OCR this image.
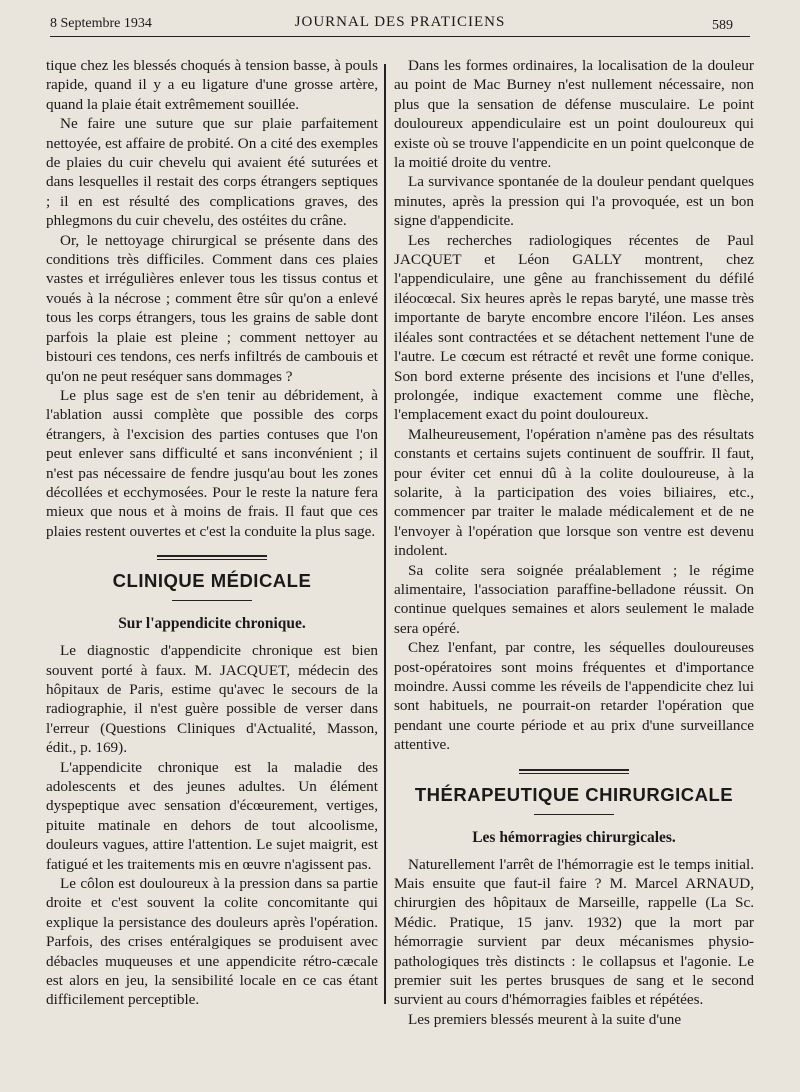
8 Septembre 1934	JOURNAL DES PRATICIENS	589

tique chez les blessés choqués à tension basse, à pouls rapide, quand il y a eu ligature d'une grosse artère, quand la plaie était extrêmement souillée.

Ne faire une suture que sur plaie parfaitement nettoyée, est affaire de probité. On a cité des exemples de plaies du cuir chevelu qui avaient été suturées et dans lesquelles il restait des corps étrangers septiques ; il en est résulté des complications graves, des phlegmons du cuir chevelu, des ostéites du crâne.

Or, le nettoyage chirurgical se présente dans des conditions très difficiles. Comment dans ces plaies vastes et irrégulières enlever tous les tissus contus et voués à la nécrose ; comment être sûr qu'on a enlevé tous les corps étrangers, tous les grains de sable dont parfois la plaie est pleine ; comment nettoyer au bistouri ces tendons, ces nerfs infiltrés de cambouis et qu'on ne peut reséquer sans dommages ?

Le plus sage est de s'en tenir au débridement, à l'ablation aussi complète que possible des corps étrangers, à l'excision des parties contuses que l'on peut enlever sans difficulté et sans inconvénient ; il n'est pas nécessaire de fendre jusqu'au bout les zones décollées et ecchymosées. Pour le reste la nature fera mieux que nous et à moins de frais. Il faut que ces plaies restent ouvertes et c'est la conduite la plus sage.

CLINIQUE MÉDICALE
Sur l'appendicite chronique.

Le diagnostic d'appendicite chronique est bien souvent porté à faux. M. JACQUET, médecin des hôpitaux de Paris, estime qu'avec le secours de la radiographie, il n'est guère possible de verser dans l'erreur (Questions Cliniques d'Actualité, Masson, édit., p. 169).

L'appendicite chronique est la maladie des adolescents et des jeunes adultes. Un élément dyspeptique avec sensation d'écœurement, vertiges, pituite matinale en dehors de tout alcoolisme, douleurs vagues, attire l'attention. Le sujet maigrit, est fatigué et les traitements mis en œuvre n'agissent pas.

Le côlon est douloureux à la pression dans sa partie droite et c'est souvent la colite concomitante qui explique la persistance des douleurs après l'opération. Parfois, des crises entéralgiques se produisent avec débacles muqueuses et une appendicite rétro-cæcale est alors en jeu, la sensibilité locale en ce cas étant difficilement perceptible.

Dans les formes ordinaires, la localisation de la douleur au point de Mac Burney n'est nullement nécessaire, non plus que la sensation de défense musculaire. Le point douloureux appendiculaire est un point douloureux qui existe où se trouve l'appendicite en un point quelconque de la moitié droite du ventre.

La survivance spontanée de la douleur pendant quelques minutes, après la pression qui l'a provoquée, est un bon signe d'appendicite.

Les recherches radiologiques récentes de Paul JACQUET et Léon GALLY montrent, chez l'appendiculaire, une gêne au franchissement du défilé iléocœcal. Six heures après le repas baryté, une masse très importante de baryte encombre encore l'iléon. Les anses iléales sont contractées et se détachent nettement l'une de l'autre. Le cœcum est rétracté et revêt une forme conique. Son bord externe présente des incisions et l'une d'elles, prolongée, indique exactement comme une flèche, l'emplacement exact du point douloureux.

Malheureusement, l'opération n'amène pas des résultats constants et certains sujets continuent de souffrir. Il faut, pour éviter cet ennui dû à la colite douloureuse, à la solarite, à la participation des voies biliaires, etc., commencer par traiter le malade médicalement et de ne l'envoyer à l'opération que lorsque son ventre est devenu indolent.

Sa colite sera soignée préalablement ; le régime alimentaire, l'association paraffine-belladone réussit. On continue quelques semaines et alors seulement le malade sera opéré.

Chez l'enfant, par contre, les séquelles douloureuses post-opératoires sont moins fréquentes et d'importance moindre. Aussi comme les réveils de l'appendicite chez lui sont habituels, ne pourrait-on retarder l'opération que pendant une courte période et au prix d'une surveillance attentive.

THÉRAPEUTIQUE CHIRURGICALE
Les hémorragies chirurgicales.

Naturellement l'arrêt de l'hémorragie est le temps initial. Mais ensuite que faut-il faire ? M. Marcel ARNAUD, chirurgien des hôpitaux de Marseille, rappelle (La Sc. Médic. Pratique, 15 janv. 1932) que la mort par hémorragie survient par deux mécanismes physio-pathologiques très distincts : le collapsus et l'agonie. Le premier suit les pertes brusques de sang et le second survient au cours d'hémorragies faibles et répétées.

Les premiers blessés meurent à la suite d'une
